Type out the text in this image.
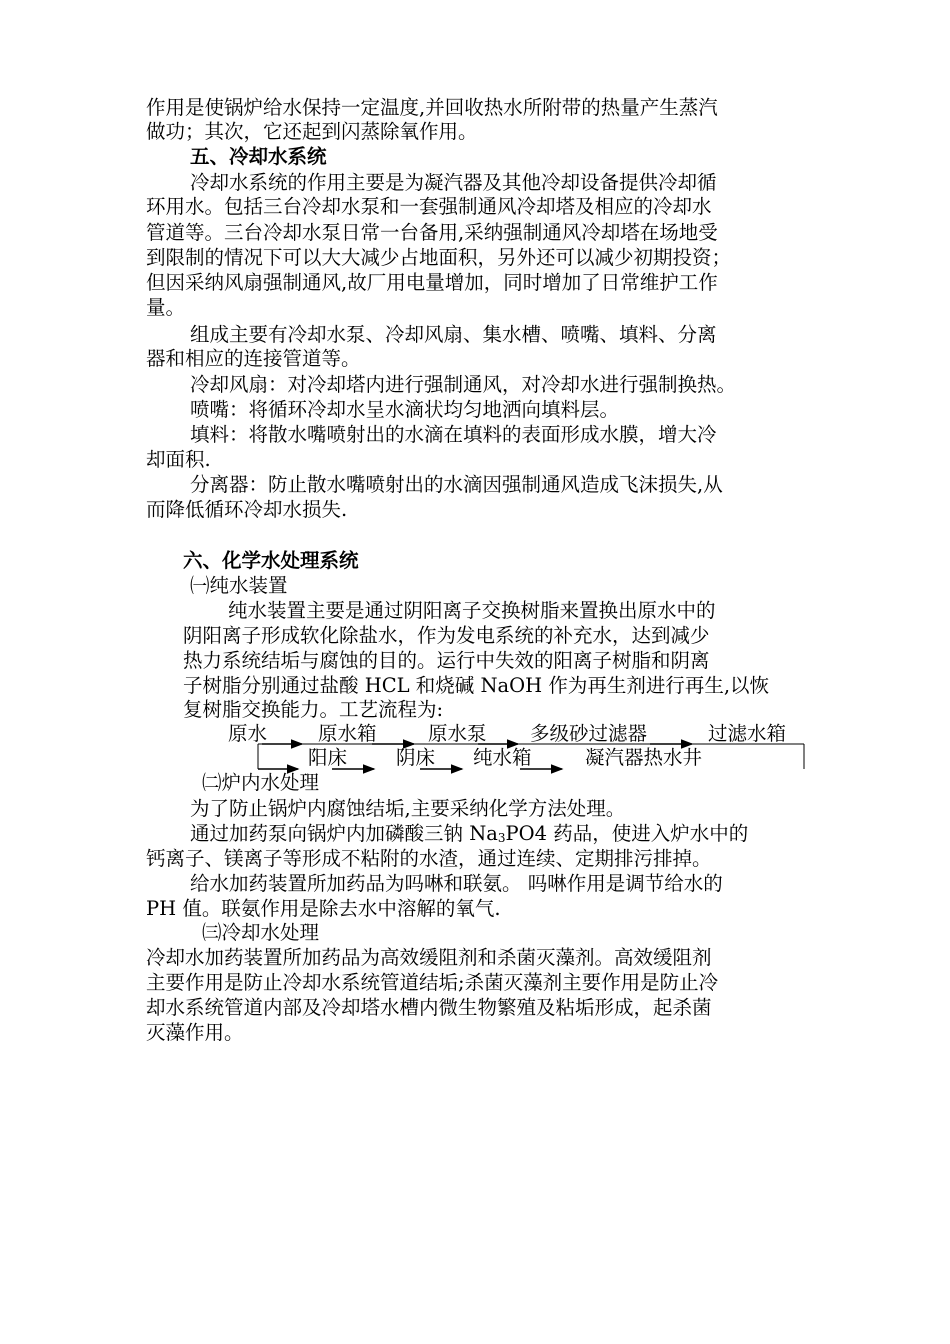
作用是使锅炉给水保持一定温度,并回收热水所附带的热量产生蒸汽
做功；其次，它还起到闪蒸除氧作用。
五、冷却水系统
冷却水系统的作用主要是为凝汽器及其他冷却设备提供冷却循
环用水。包括三台冷却水泵和一套强制通风冷却塔及相应的冷却水
管道等。三台冷却水泵日常一台备用,采纳强制通风冷却塔在场地受
到限制的情况下可以大大减少占地面积，另外还可以减少初期投资；
但因采纳风扇强制通风,故厂用电量增加，同时增加了日常维护工作
量。
组成主要有冷却水泵、冷却风扇、集水槽、喷嘴、填料、分离
器和相应的连接管道等。
冷却风扇：对冷却塔内进行强制通风，对冷却水进行强制换热。
喷嘴：将循环冷却水呈水滴状均匀地洒向填料层。
填料：将散水嘴喷射出的水滴在填料的表面形成水膜，增大冷
却面积.
分离器：防止散水嘴喷射出的水滴因强制通风造成飞沫损失,从
而降低循环冷却水损失.
六、化学水处理系统
㈠纯水装置
纯水装置主要是通过阴阳离子交换树脂来置换出原水中的
阴阳离子形成软化除盐水，作为发电系统的补充水，达到减少
热力系统结垢与腐蚀的目的。运行中失效的阳离子树脂和阴离
子树脂分别通过盐酸 HCL 和烧碱 NaOH 作为再生剂进行再生,以恢
复树脂交换能力。工艺流程为:
原水	原水箱	原水泵 多级砂过滤器	过滤水箱
阳床	阴床 纯水箱	凝汽器热水井
㈡炉内水处理
为了防止锅炉内腐蚀结垢,主要采纳化学方法处理。
通过加药泵向锅炉内加磷酸三钠 $Na_3PO4$ 药品，使进入炉水中的
钙离子、镁离子等形成不粘附的水渣，通过连续、定期排污排掉。
给水加药装置所加药品为吗啉和联氨。 吗啉作用是调节给水的
PH 值。联氨作用是除去水中溶解的氧气.
㈢冷却水处理
冷却水加药装置所加药品为高效缓阻剂和杀菌灭藻剂。高效缓阻剂
主要作用是防止冷却水系统管道结垢;杀菌灭藻剂主要作用是防止冷
却水系统管道内部及冷却塔水槽内微生物繁殖及粘垢形成，起杀菌
灭藻作用。
